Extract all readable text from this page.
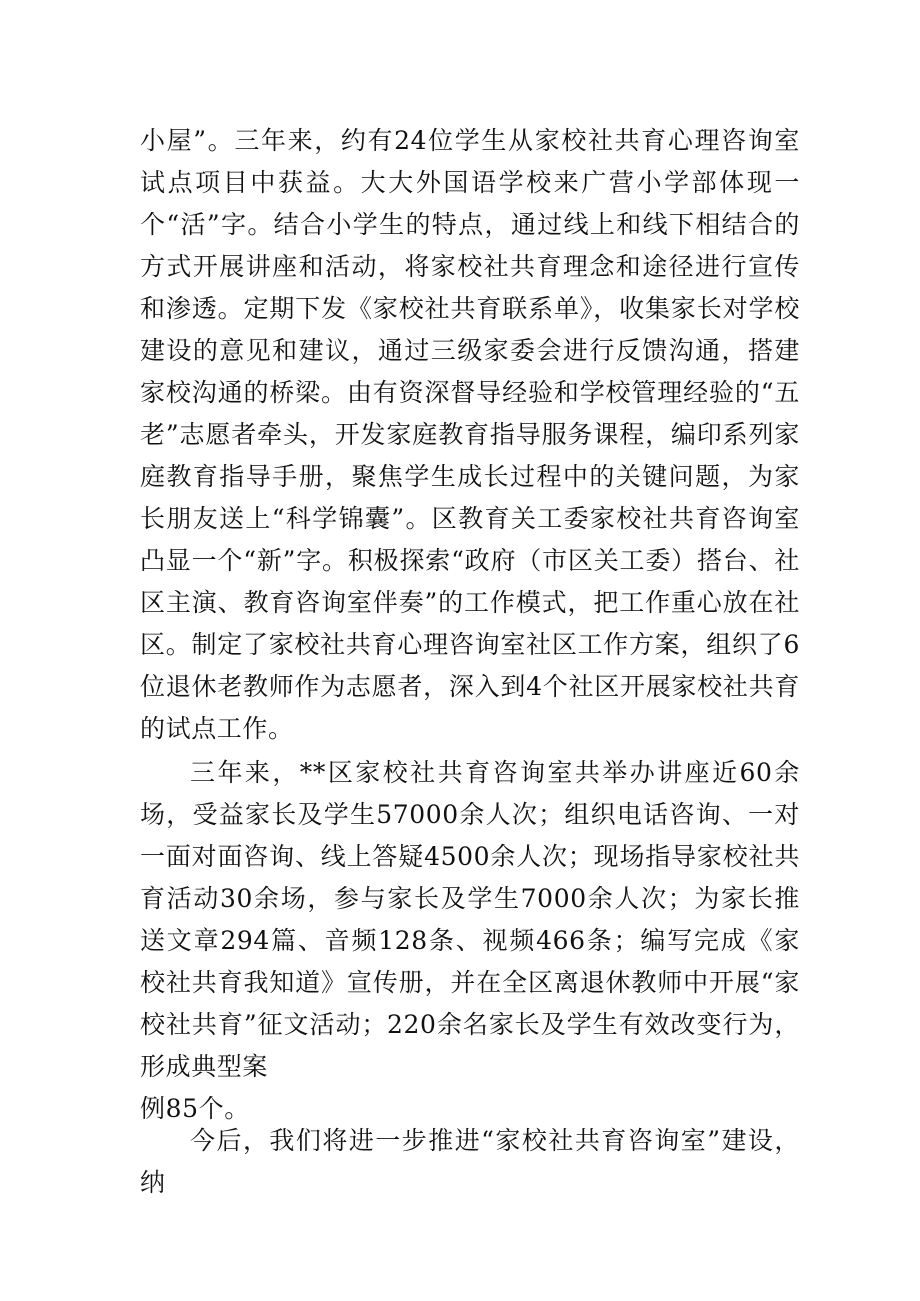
小屋”。三年来，约有24位学生从家校社共育心理咨询室试点项目中获益。大大外国语学校来广营小学部体现一个“活”字。结合小学生的特点，通过线上和线下相结合的方式开展讲座和活动，将家校社共育理念和途径进行宣传和渗透。定期下发《家校社共育联系单》，收集家长对学校建设的意见和建议，通过三级家委会进行反馈沟通，搭建家校沟通的桥梁。由有资深督导经验和学校管理经验的“五老”志愿者牵头，开发家庭教育指导服务课程，编印系列家庭教育指导手册，聚焦学生成长过程中的关键问题，为家长朋友送上“科学锦囊”。区教育关工委家校社共育咨询室凸显一个“新”字。积极探索“政府（市区关工委）搭台、社区主演、教育咨询室伴奏”的工作模式，把工作重心放在社区。制定了家校社共育心理咨询室社区工作方案，组织了6位退休老教师作为志愿者，深入到4个社区开展家校社共育的试点工作。

三年来，**区家校社共育咨询室共举办讲座近60余场，受益家长及学生57000余人次；组织电话咨询、一对一面对面咨询、线上答疑4500余人次；现场指导家校社共育活动30余场，参与家长及学生7000余人次；为家长推送文章294篇、音频128条、视频466条；编写完成《家校社共育我知道》宣传册，并在全区离退休教师中开展“家校社共育”征文活动；220余名家长及学生有效改变行为，形成典型案
例85个。

今后，我们将进一步推进“家校社共育咨询室”建设，纳
